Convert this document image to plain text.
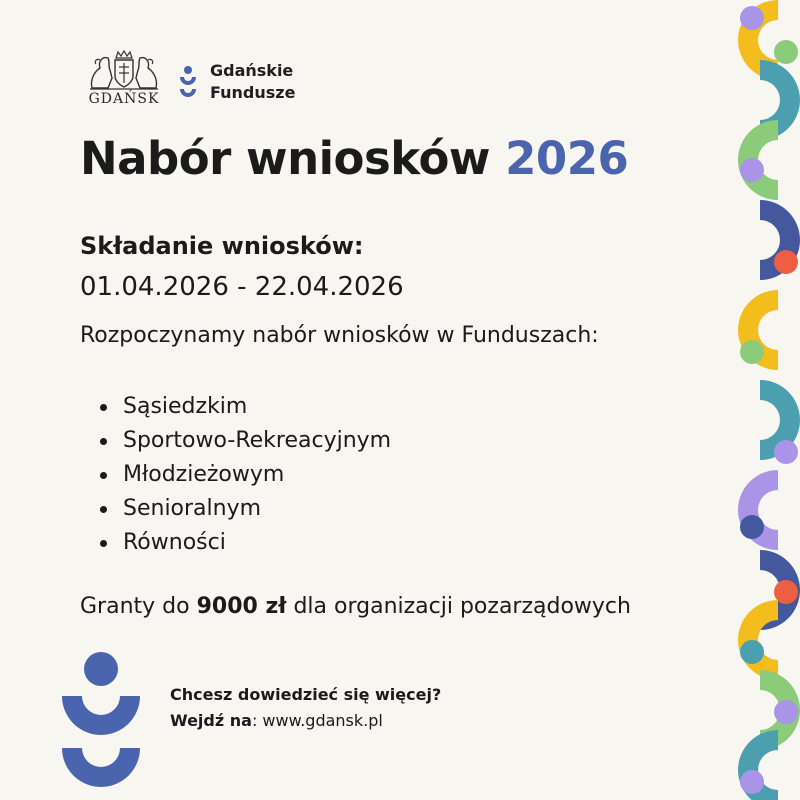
GDAŃSK
Gdańskie
Fundusze
Nabór wniosków 2026
Składanie wniosków:
01.04.2026 - 22.04.2026
Rozpoczynamy nabór wniosków w Funduszach:
Sąsiedzkim
Sportowo-Rekreacyjnym
Młodzieżowym
Senioralnym
Równości
Granty do 9000 zł dla organizacji pozarządowych
Chcesz dowiedzieć się więcej?
Wejdź na: www.gdansk.pl
